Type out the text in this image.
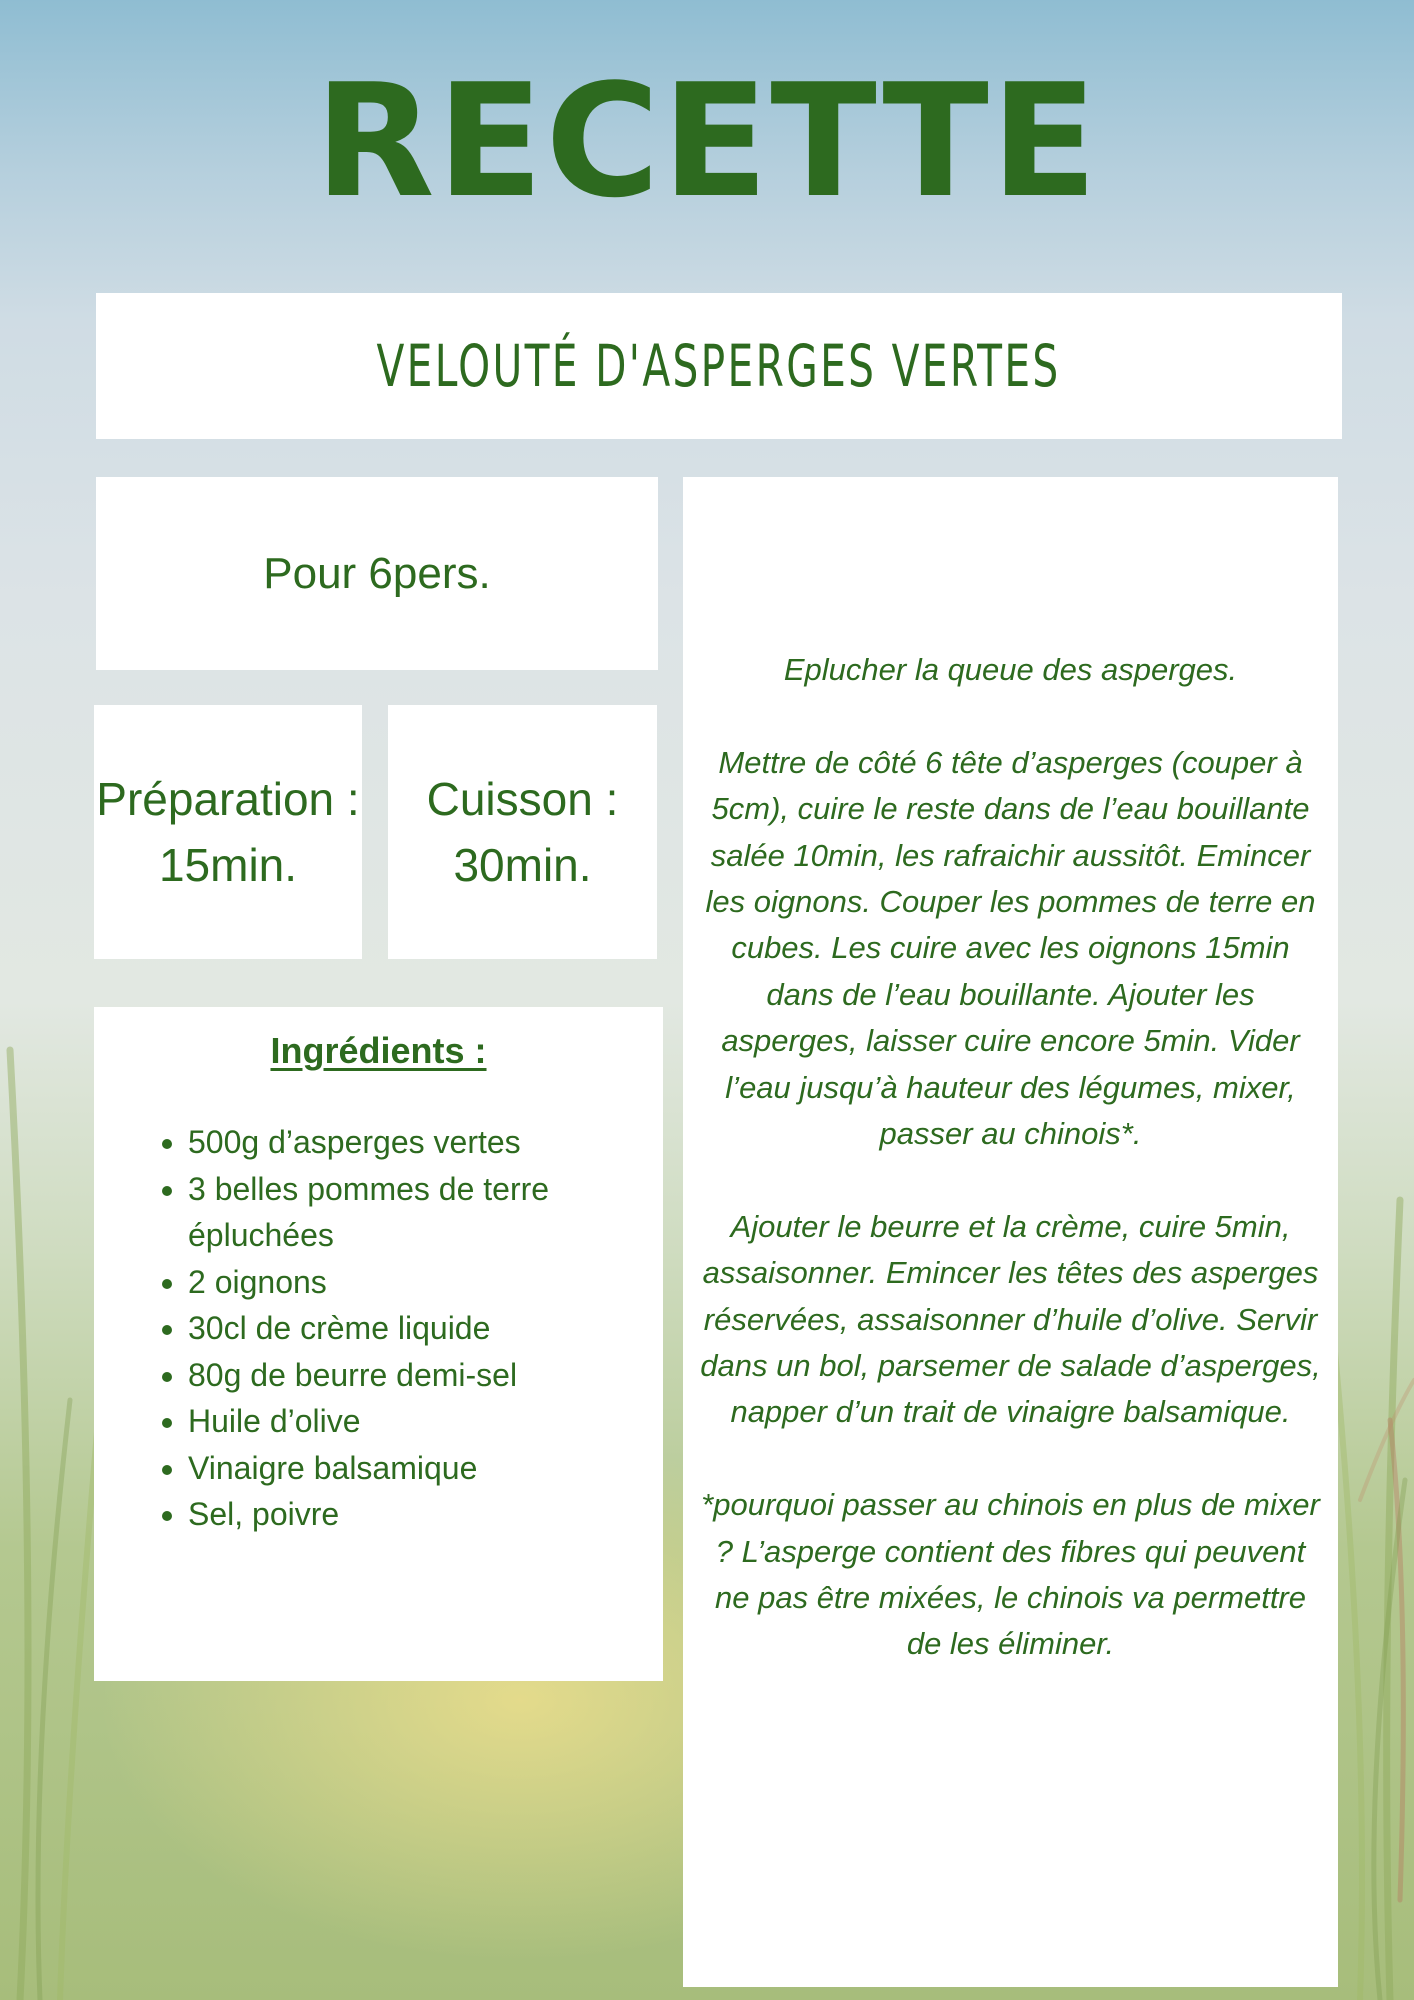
RECETTE
VELOUTÉ D'ASPERGES VERTES
Pour 6pers.
Préparation :
15min.
Cuisson :
30min.
Ingrédients :
• 500g d’asperges vertes
• 3 belles pommes de terre épluchées
• 2 oignons
• 30cl de crème liquide
• 80g de beurre demi-sel
• Huile d’olive
• Vinaigre balsamique
• Sel, poivre

Eplucher la queue des asperges.

Mettre de côté 6 tête d’asperges (couper à 5cm), cuire le reste dans de l’eau bouillante salée 10min, les rafraichir aussitôt. Emincer les oignons. Couper les pommes de terre en cubes. Les cuire avec les oignons 15min dans de l’eau bouillante. Ajouter les asperges, laisser cuire encore 5min. Vider l’eau jusqu’à hauteur des légumes, mixer, passer au chinois*.

Ajouter le beurre et la crème, cuire 5min, assaisonner. Emincer les têtes des asperges réservées, assaisonner d’huile d’olive. Servir dans un bol, parsemer de salade d’asperges, napper d’un trait de vinaigre balsamique.

*pourquoi passer au chinois en plus de mixer ? L’asperge contient des fibres qui peuvent ne pas être mixées, le chinois va permettre de les éliminer.
